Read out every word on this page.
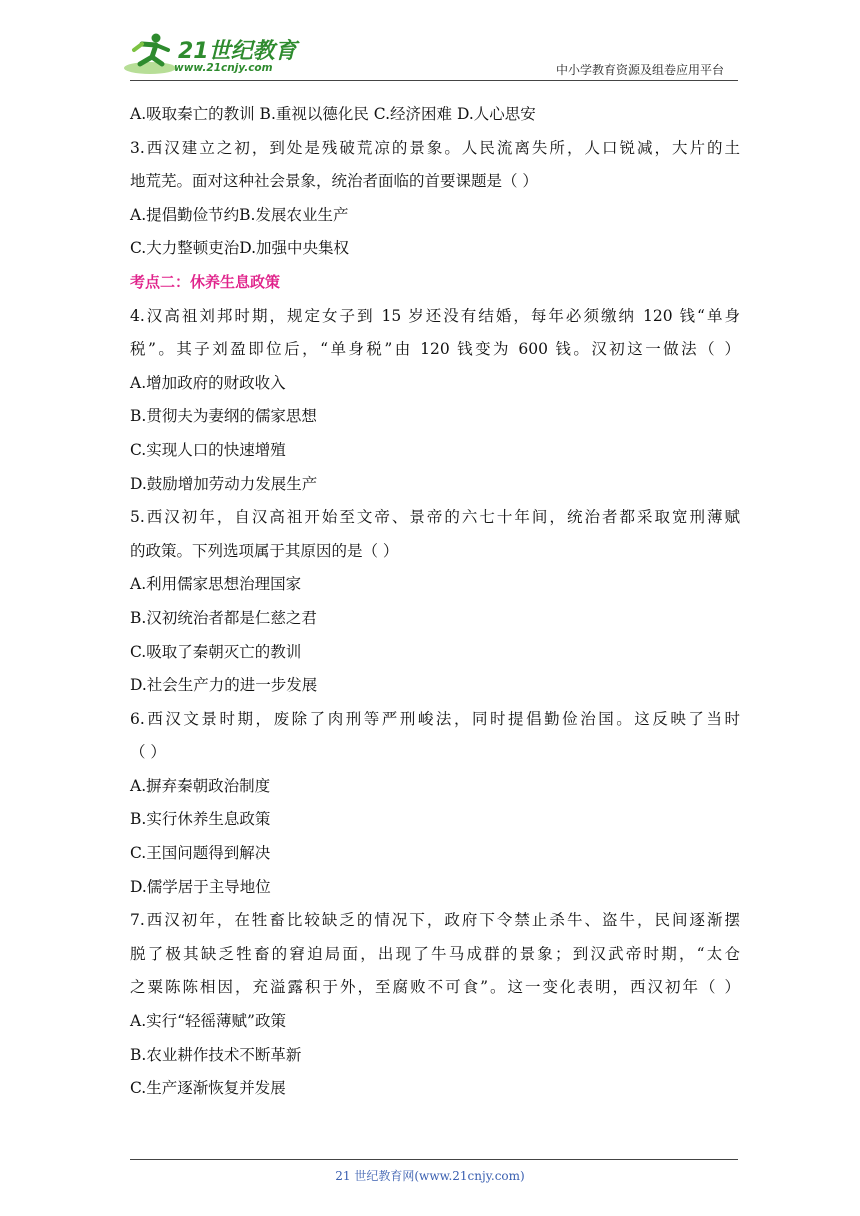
21世纪教育
www.21cnjy.com	中小学教育资源及组卷应用平台
A.吸取秦亡的教训 B.重视以德化民 C.经济困难 D.人心思安
3.西汉建立之初，到处是残破荒凉的景象。人民流离失所，人口锐减，大片的土
地荒芜。面对这种社会景象，统治者面临的首要课题是（ ）
A.提倡勤俭节约B.发展农业生产
C.大力整顿吏治D.加强中央集权
考点二：休养生息政策
4.汉高祖刘邦时期，规定女子到 15 岁还没有结婚，每年必须缴纳 120 钱“单身
税”。其子刘盈即位后，“单身税”由 120 钱变为 600 钱。汉初这一做法（ ）
A.增加政府的财政收入
B.贯彻夫为妻纲的儒家思想
C.实现人口的快速增殖
D.鼓励增加劳动力发展生产
5.西汉初年，自汉高祖开始至文帝、景帝的六七十年间，统治者都采取宽刑薄赋
的政策。下列选项属于其原因的是（ ）
A.利用儒家思想治理国家
B.汉初统治者都是仁慈之君
C.吸取了秦朝灭亡的教训
D.社会生产力的进一步发展
6.西汉文景时期，废除了肉刑等严刑峻法，同时提倡勤俭治国。这反映了当时
（ ）
A.摒弃秦朝政治制度
B.实行休养生息政策
C.王国问题得到解决
D.儒学居于主导地位
7.西汉初年，在牲畜比较缺乏的情况下，政府下令禁止杀牛、盗牛，民间逐渐摆
脱了极其缺乏牲畜的窘迫局面，出现了牛马成群的景象；到汉武帝时期，“太仓
之粟陈陈相因，充溢露积于外，至腐败不可食”。这一变化表明，西汉初年（ ）
A.实行“轻徭薄赋”政策
B.农业耕作技术不断革新
C.生产逐渐恢复并发展
21 世纪教育网(www.21cnjy.com)
